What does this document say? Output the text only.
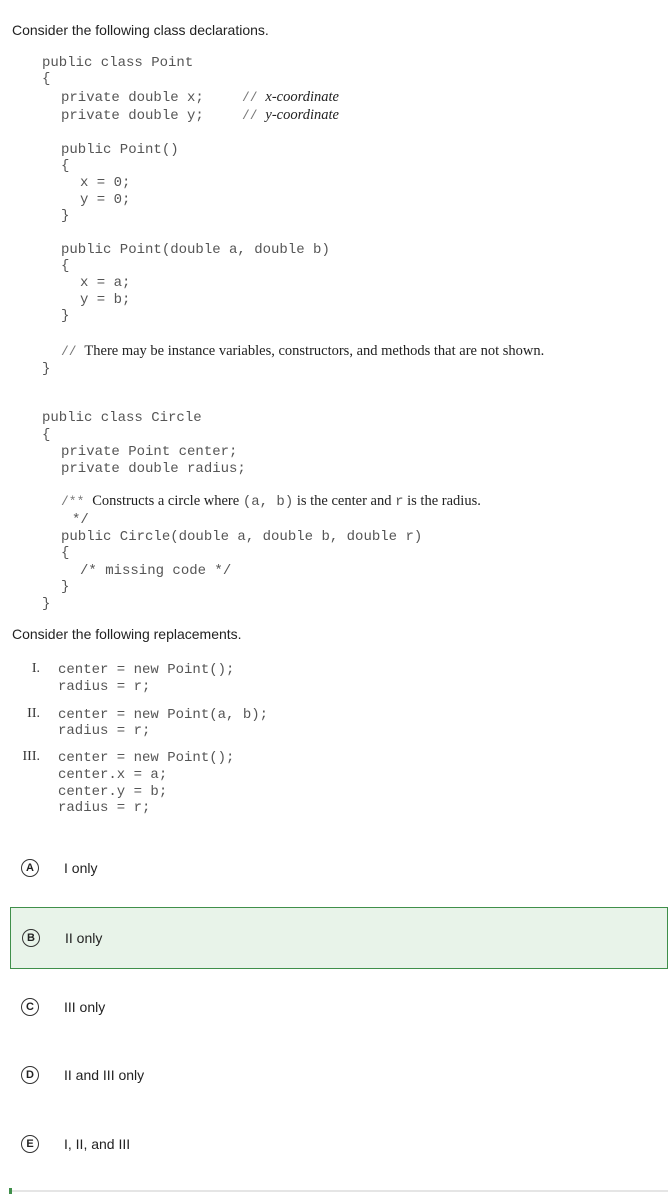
Consider the following class declarations.
public class Point
{
private double x;	// x-coordinate
private double y;	// y-coordinate
public Point()
{
x = 0;
y = 0;
}
public Point(double a, double b)
{
x = a;
y = b;
}
// There may be instance variables, constructors, and methods that are not shown.
}
public class Circle
{
private Point center;
private double radius;
/** Constructs a circle where (a, b) is the center and r is the radius.
*/
public Circle(double a, double b, double r)
{
/* missing code */
}
}
Consider the following replacements.
I. center = new Point();
radius = r;
II. center = new Point(a, b);
radius = r;
III. center = new Point();
center.x = a;
center.y = b;
radius = r;
A	I only
B	II only
C	III only
D	II and III only
E	I, II, and III
